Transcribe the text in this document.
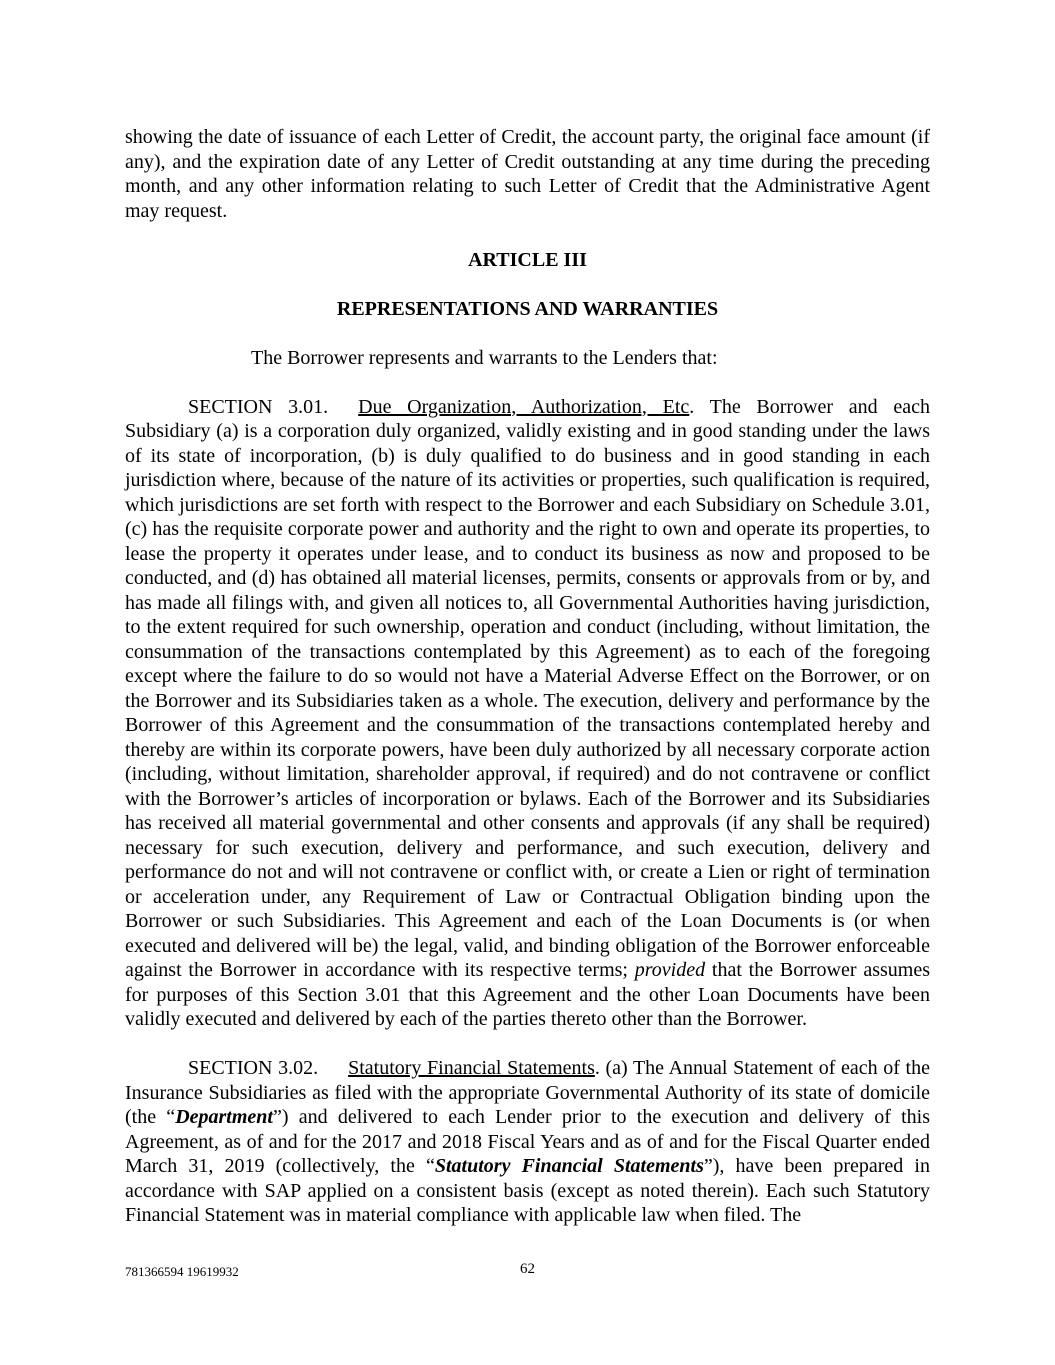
showing the date of issuance of each Letter of Credit, the account party, the original face amount (if any), and the expiration date of any Letter of Credit outstanding at any time during the preceding month, and any other information relating to such Letter of Credit that the Administrative Agent may request.

ARTICLE III

REPRESENTATIONS AND WARRANTIES

The Borrower represents and warrants to the Lenders that:

SECTION 3.01.  Due Organization, Authorization, Etc. The Borrower and each Subsidiary (a) is a corporation duly organized, validly existing and in good standing under the laws of its state of incorporation, (b) is duly qualified to do business and in good standing in each jurisdiction where, because of the nature of its activities or properties, such qualification is required, which jurisdictions are set forth with respect to the Borrower and each Subsidiary on Schedule 3.01, (c) has the requisite corporate power and authority and the right to own and operate its properties, to lease the property it operates under lease, and to conduct its business as now and proposed to be conducted, and (d) has obtained all material licenses, permits, consents or approvals from or by, and has made all filings with, and given all notices to, all Governmental Authorities having jurisdiction, to the extent required for such ownership, operation and conduct (including, without limitation, the consummation of the transactions contemplated by this Agreement) as to each of the foregoing except where the failure to do so would not have a Material Adverse Effect on the Borrower, or on the Borrower and its Subsidiaries taken as a whole. The execution, delivery and performance by the Borrower of this Agreement and the consummation of the transactions contemplated hereby and thereby are within its corporate powers, have been duly authorized by all necessary corporate action (including, without limitation, shareholder approval, if required) and do not contravene or conflict with the Borrower’s articles of incorporation or bylaws. Each of the Borrower and its Subsidiaries has received all material governmental and other consents and approvals (if any shall be required) necessary for such execution, delivery and performance, and such execution, delivery and performance do not and will not contravene or conflict with, or create a Lien or right of termination or acceleration under, any Requirement of Law or Contractual Obligation binding upon the Borrower or such Subsidiaries. This Agreement and each of the Loan Documents is (or when executed and delivered will be) the legal, valid, and binding obligation of the Borrower enforceable against the Borrower in accordance with its respective terms; provided that the Borrower assumes for purposes of this Section 3.01 that this Agreement and the other Loan Documents have been validly executed and delivered by each of the parties thereto other than the Borrower.

SECTION 3.02.  Statutory Financial Statements. (a) The Annual Statement of each of the Insurance Subsidiaries as filed with the appropriate Governmental Authority of its state of domicile (the “Department”) and delivered to each Lender prior to the execution and delivery of this Agreement, as of and for the 2017 and 2018 Fiscal Years and as of and for the Fiscal Quarter ended March 31, 2019 (collectively, the “Statutory Financial Statements”), have been prepared in accordance with SAP applied on a consistent basis (except as noted therein). Each such Statutory Financial Statement was in material compliance with applicable law when filed. The

62
781366594 19619932
